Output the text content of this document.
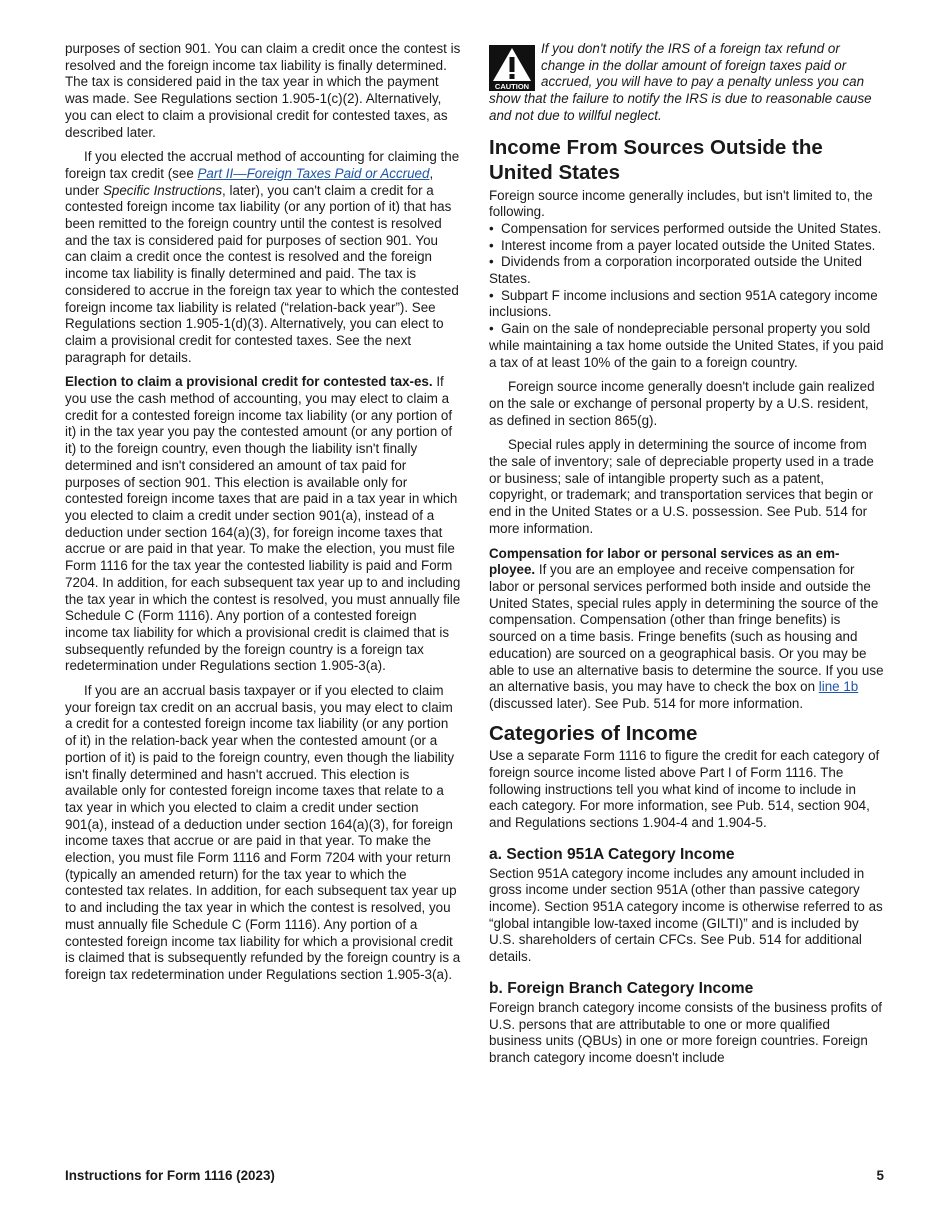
purposes of section 901. You can claim a credit once the contest is resolved and the foreign income tax liability is finally determined. The tax is considered paid in the tax year in which the payment was made. See Regulations section 1.905-1(c)(2). Alternatively, you can elect to claim a provisional credit for contested taxes, as described later.

If you elected the accrual method of accounting for claiming the foreign tax credit (see Part II—Foreign Taxes Paid or Accrued, under Specific Instructions, later), you can't claim a credit for a contested foreign income tax liability (or any portion of it) that has been remitted to the foreign country until the contest is resolved and the tax is considered paid for purposes of section 901. You can claim a credit once the contest is resolved and the foreign income tax liability is finally determined and paid. The tax is considered to accrue in the foreign tax year to which the contested foreign income tax liability is related (“relation-back year”). See Regulations section 1.905-1(d)(3). Alternatively, you can elect to claim a provisional credit for contested taxes. See the next paragraph for details.

Election to claim a provisional credit for contested tax-es. If you use the cash method of accounting, you may elect to claim a credit for a contested foreign income tax liability (or any portion of it) in the tax year you pay the contested amount (or any portion of it) to the foreign country, even though the liability isn't finally determined and isn't considered an amount of tax paid for purposes of section 901. This election is available only for contested foreign income taxes that are paid in a tax year in which you elected to claim a credit under section 901(a), instead of a deduction under section 164(a)(3), for foreign income taxes that accrue or are paid in that year. To make the election, you must file Form 1116 for the tax year the contested liability is paid and Form 7204. In addition, for each subsequent tax year up to and including the tax year in which the contest is resolved, you must annually file Schedule C (Form 1116). Any portion of a contested foreign income tax liability for which a provisional credit is claimed that is subsequently refunded by the foreign country is a foreign tax redetermination under Regulations section 1.905-3(a).

If you are an accrual basis taxpayer or if you elected to claim your foreign tax credit on an accrual basis, you may elect to claim a credit for a contested foreign income tax liability (or any portion of it) in the relation-back year when the contested amount (or a portion of it) is paid to the foreign country, even though the liability isn't finally determined and hasn't accrued. This election is available only for contested foreign income taxes that relate to a tax year in which you elected to claim a credit under section 901(a), instead of a deduction under section 164(a)(3), for foreign income taxes that accrue or are paid in that year. To make the election, you must file Form 1116 and Form 7204 with your return (typically an amended return) for the tax year to which the contested tax relates. In addition, for each subsequent tax year up to and including the tax year in which the contest is resolved, you must annually file Schedule C (Form 1116). Any portion of a contested foreign income tax liability for which a provisional credit is claimed that is subsequently refunded by the foreign country is a foreign tax redetermination under Regulations section 1.905-3(a).

CAUTION
If you don't notify the IRS of a foreign tax refund or change in the dollar amount of foreign taxes paid or accrued, you will have to pay a penalty unless you can show that the failure to notify the IRS is due to reasonable cause and not due to willful neglect.
Income From Sources Outside the United States

Foreign source income generally includes, but isn't limited to, the following.

• Compensation for services performed outside the United States.
• Interest income from a payer located outside the United States.
• Dividends from a corporation incorporated outside the United States.
• Subpart F income inclusions and section 951A category income inclusions.
• Gain on the sale of nondepreciable personal property you sold while maintaining a tax home outside the United States, if you paid a tax of at least 10% of the gain to a foreign country.

Foreign source income generally doesn't include gain realized on the sale or exchange of personal property by a U.S. resident, as defined in section 865(g).

Special rules apply in determining the source of income from the sale of inventory; sale of depreciable property used in a trade or business; sale of intangible property such as a patent, copyright, or trademark; and transportation services that begin or end in the United States or a U.S. possession. See Pub. 514 for more information.

Compensation for labor or personal services as an em-ployee. If you are an employee and receive compensation for labor or personal services performed both inside and outside the United States, special rules apply in determining the source of the compensation. Compensation (other than fringe benefits) is sourced on a time basis. Fringe benefits (such as housing and education) are sourced on a geographical basis. Or you may be able to use an alternative basis to determine the source. If you use an alternative basis, you may have to check the box on line 1b (discussed later). See Pub. 514 for more information.

Categories of Income

Use a separate Form 1116 to figure the credit for each category of foreign source income listed above Part I of Form 1116. The following instructions tell you what kind of income to include in each category. For more information, see Pub. 514, section 904, and Regulations sections 1.904-4 and 1.904-5.

a. Section 951A Category Income

Section 951A category income includes any amount included in gross income under section 951A (other than passive category income). Section 951A category income is otherwise referred to as “global intangible low-taxed income (GILTI)” and is included by U.S. shareholders of certain CFCs. See Pub. 514 for additional details.

b. Foreign Branch Category Income

Foreign branch category income consists of the business profits of U.S. persons that are attributable to one or more qualified business units (QBUs) in one or more foreign countries. Foreign branch category income doesn't include

Instructions for Form 1116 (2023)	5
